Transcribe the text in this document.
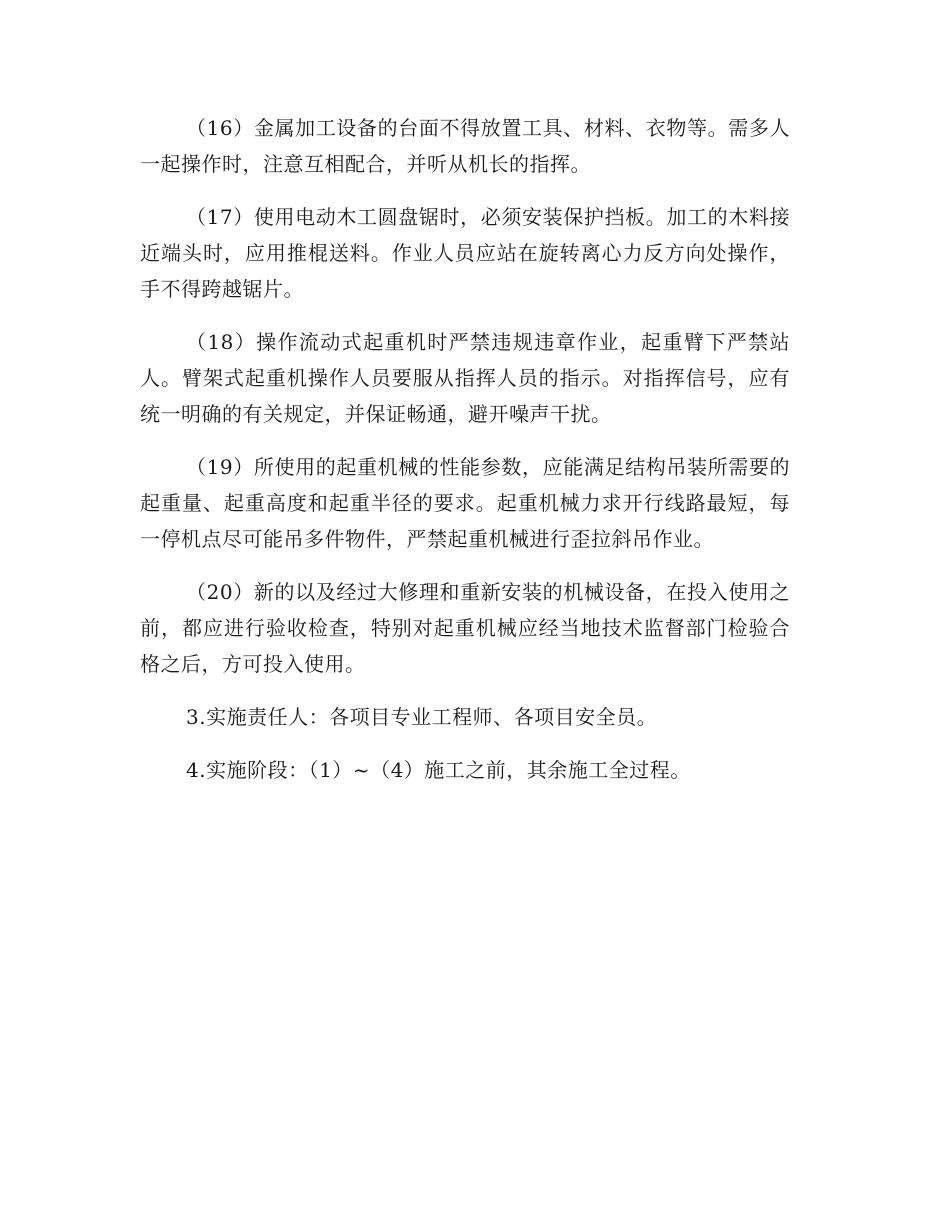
（16）金属加工设备的台面不得放置工具、材料、衣物等。需多人一起操作时，注意互相配合，并听从机长的指挥。

（17）使用电动木工圆盘锯时，必须安装保护挡板。加工的木料接近端头时，应用推棍送料。作业人员应站在旋转离心力反方向处操作，手不得跨越锯片。

（18）操作流动式起重机时严禁违规违章作业，起重臂下严禁站人。臂架式起重机操作人员要服从指挥人员的指示。对指挥信号，应有统一明确的有关规定，并保证畅通，避开噪声干扰。

（19）所使用的起重机械的性能参数，应能满足结构吊装所需要的起重量、起重高度和起重半径的要求。起重机械力求开行线路最短，每一停机点尽可能吊多件物件，严禁起重机械进行歪拉斜吊作业。

（20）新的以及经过大修理和重新安装的机械设备，在投入使用之前，都应进行验收检查，特别对起重机械应经当地技术监督部门检验合格之后，方可投入使用。

3.实施责任人：各项目专业工程师、各项目安全员。

4.实施阶段：（1）~（4）施工之前，其余施工全过程。
